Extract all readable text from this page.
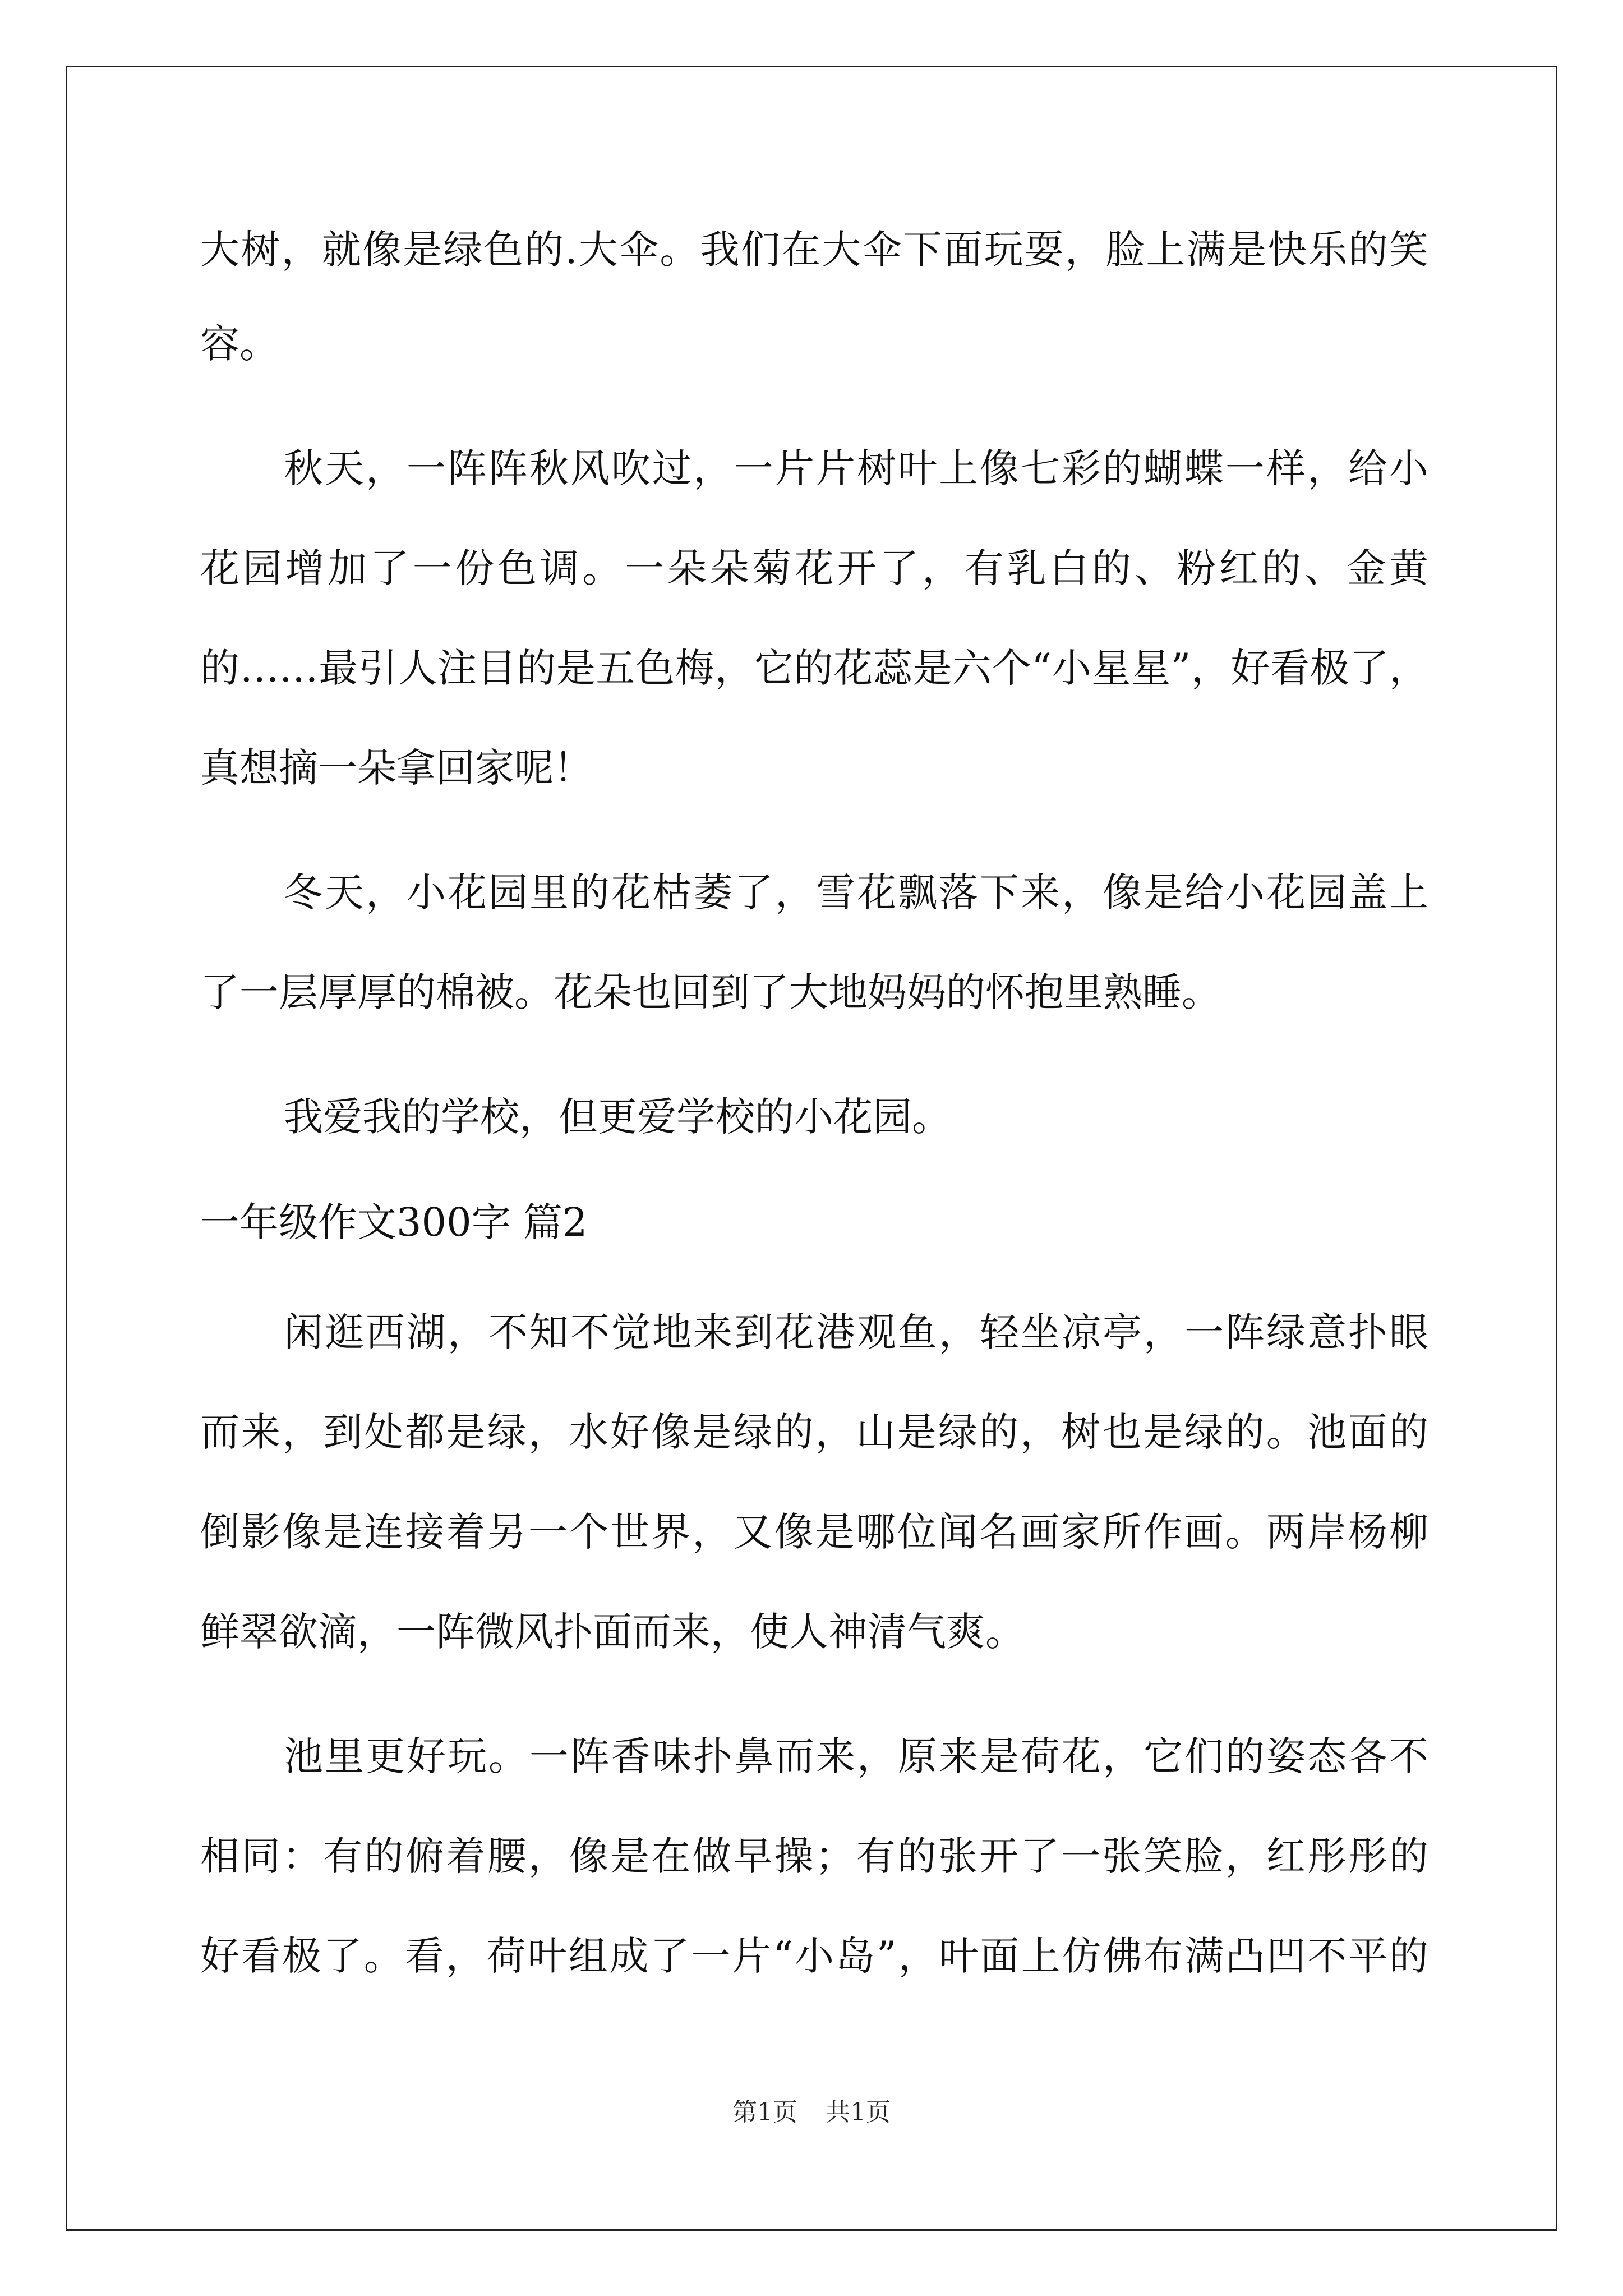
大树，就像是绿色的.大伞。我们在大伞下面玩耍，脸上满是快乐的笑
容。
秋天，一阵阵秋风吹过，一片片树叶上像七彩的蝴蝶一样，给小
花园增加了一份色调。一朵朵菊花开了，有乳白的、粉红的、金黄
的……最引人注目的是五色梅，它的花蕊是六个“小星星”，好看极了，
真想摘一朵拿回家呢！
冬天，小花园里的花枯萎了，雪花飘落下来，像是给小花园盖上
了一层厚厚的棉被。花朵也回到了大地妈妈的怀抱里熟睡。
我爱我的学校，但更爱学校的小花园。
一年级作文300字 篇2
闲逛西湖，不知不觉地来到花港观鱼，轻坐凉亭，一阵绿意扑眼
而来，到处都是绿，水好像是绿的，山是绿的，树也是绿的。池面的
倒影像是连接着另一个世界，又像是哪位闻名画家所作画。两岸杨柳
鲜翠欲滴，一阵微风扑面而来，使人神清气爽。
池里更好玩。一阵香味扑鼻而来，原来是荷花，它们的姿态各不
相同：有的俯着腰，像是在做早操；有的张开了一张笑脸，红彤彤的
好看极了。看，荷叶组成了一片“小岛”，叶面上仿佛布满凸凹不平的
第1页 共1页
